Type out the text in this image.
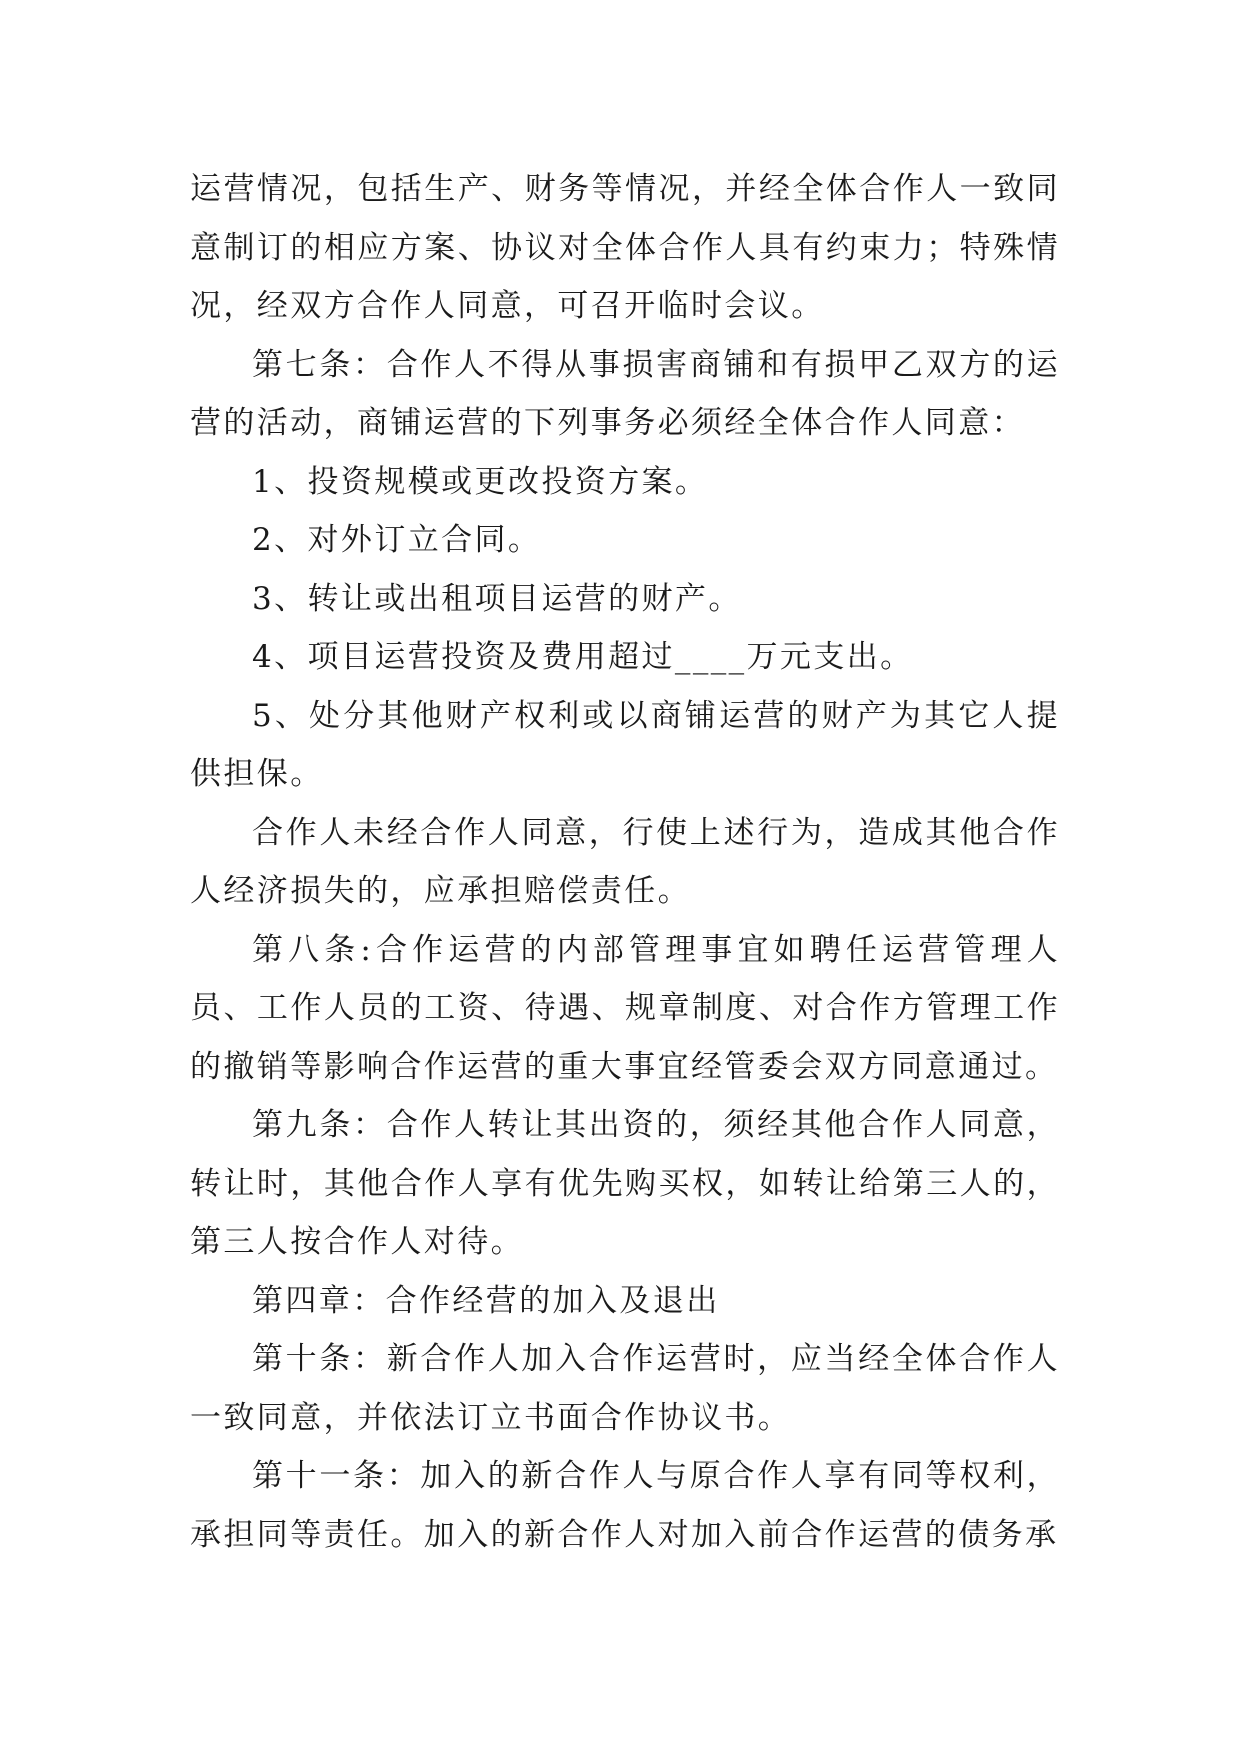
运营情况，包括生产、财务等情况，并经全体合作人一致同意制订的相应方案、协议对全体合作人具有约束力；特殊情况，经双方合作人同意，可召开临时会议。

第七条：合作人不得从事损害商铺和有损甲乙双方的运营的活动，商铺运营的下列事务必须经全体合作人同意：

1、投资规模或更改投资方案。

2、对外订立合同。

3、转让或出租项目运营的财产。

4、项目运营投资及费用超过____万元支出。

5、处分其他财产权利或以商铺运营的财产为其它人提供担保。

合作人未经合作人同意，行使上述行为，造成其他合作人经济损失的，应承担赔偿责任。

第八条:合作运营的内部管理事宜如聘任运营管理人员、工作人员的工资、待遇、规章制度、对合作方管理工作的撤销等影响合作运营的重大事宜经管委会双方同意通过。

第九条：合作人转让其出资的，须经其他合作人同意，转让时，其他合作人享有优先购买权，如转让给第三人的，第三人按合作人对待。

第四章：合作经营的加入及退出

第十条：新合作人加入合作运营时，应当经全体合作人一致同意，并依法订立书面合作协议书。

第十一条：加入的新合作人与原合作人享有同等权利，承担同等责任。加入的新合作人对加入前合作运营的债务承
